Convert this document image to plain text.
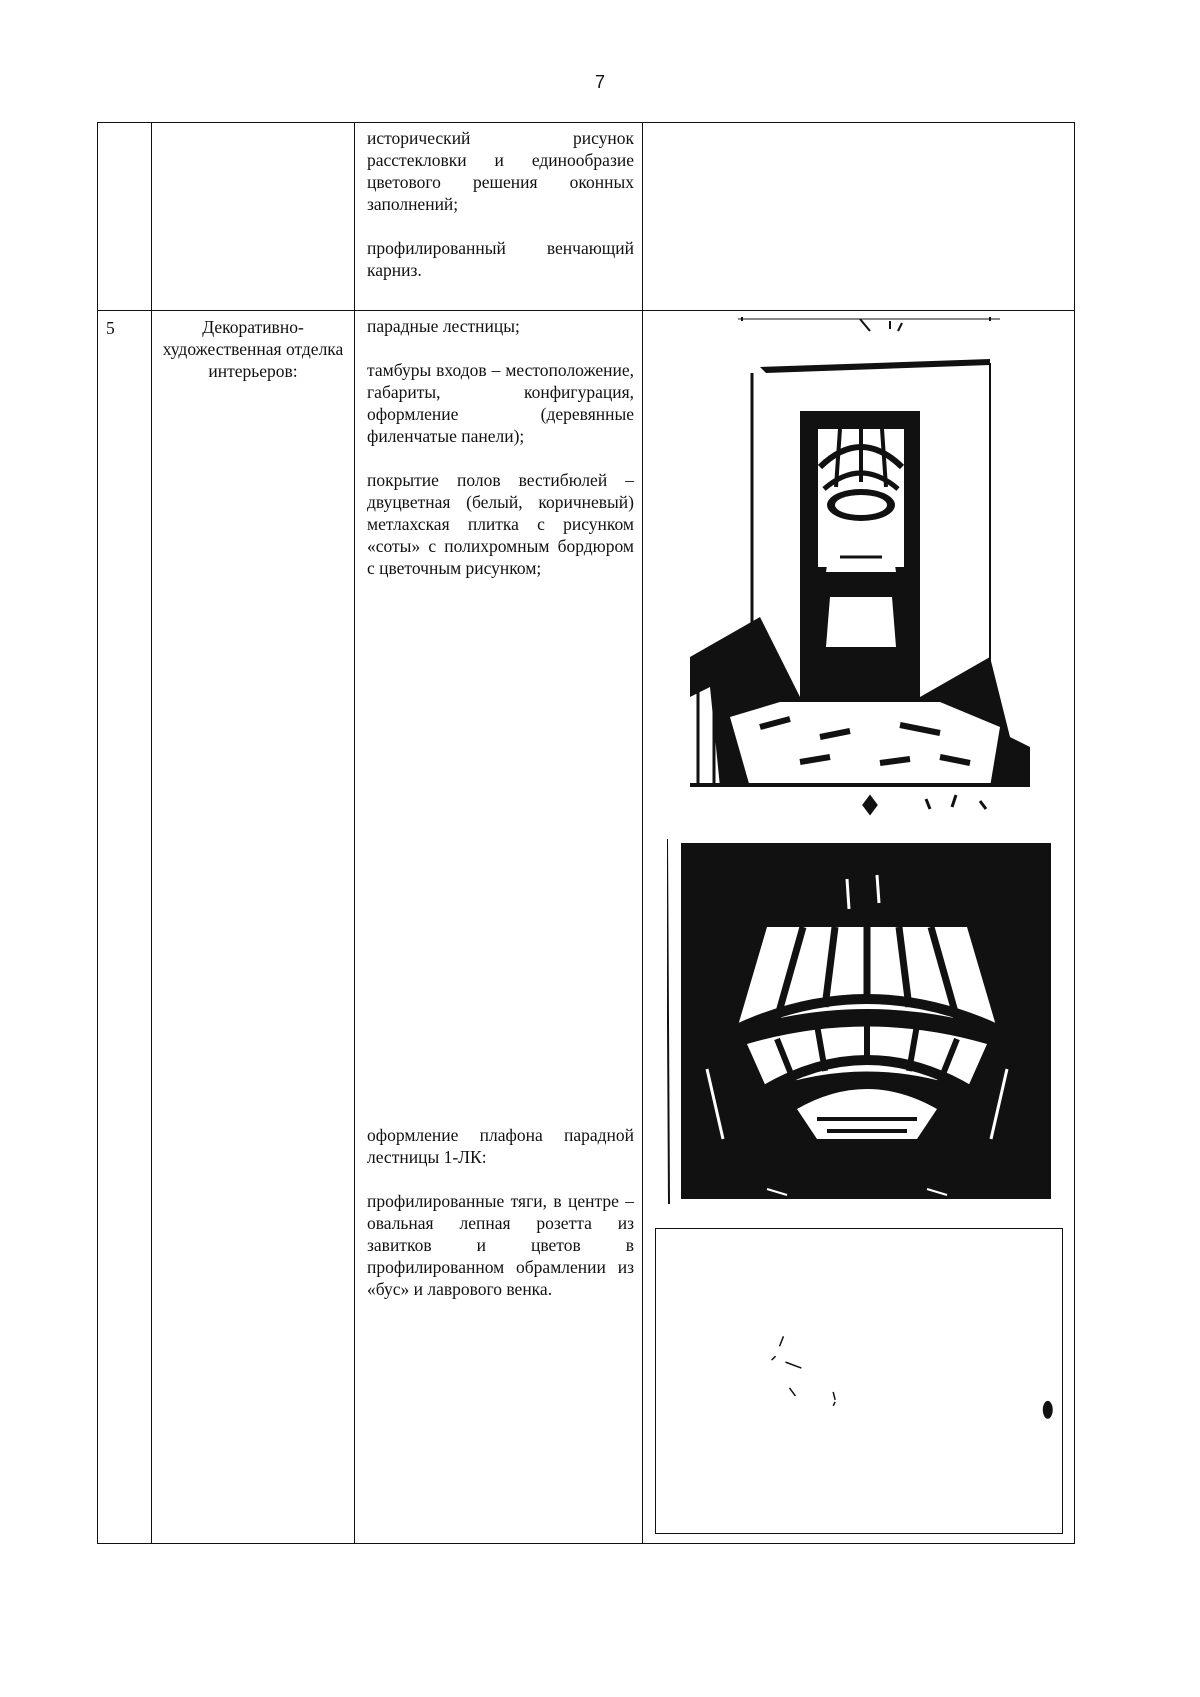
7

		исторический рисунок расстекловки и единообразие цветового решения оконных заполнений;

профилированный венчающий карниз.	

5	Декоративно-художественная отделка интерьеров:	парадные лестницы;

тамбуры входов – местоположение, габариты, конфигурация, оформление (деревянные филенчатые панели);

покрытие полов вестибюлей – двуцветная (белый, коричневый) метлахская плитка с рисунком «соты» с полихромным бордюром с цветочным рисунком;

оформление плафона парадной лестницы 1-ЛК:

профилированные тяги, в центре – овальная лепная розетта из завитков и цветов в профилированном обрамлении из «бус» и лаврового венка.
